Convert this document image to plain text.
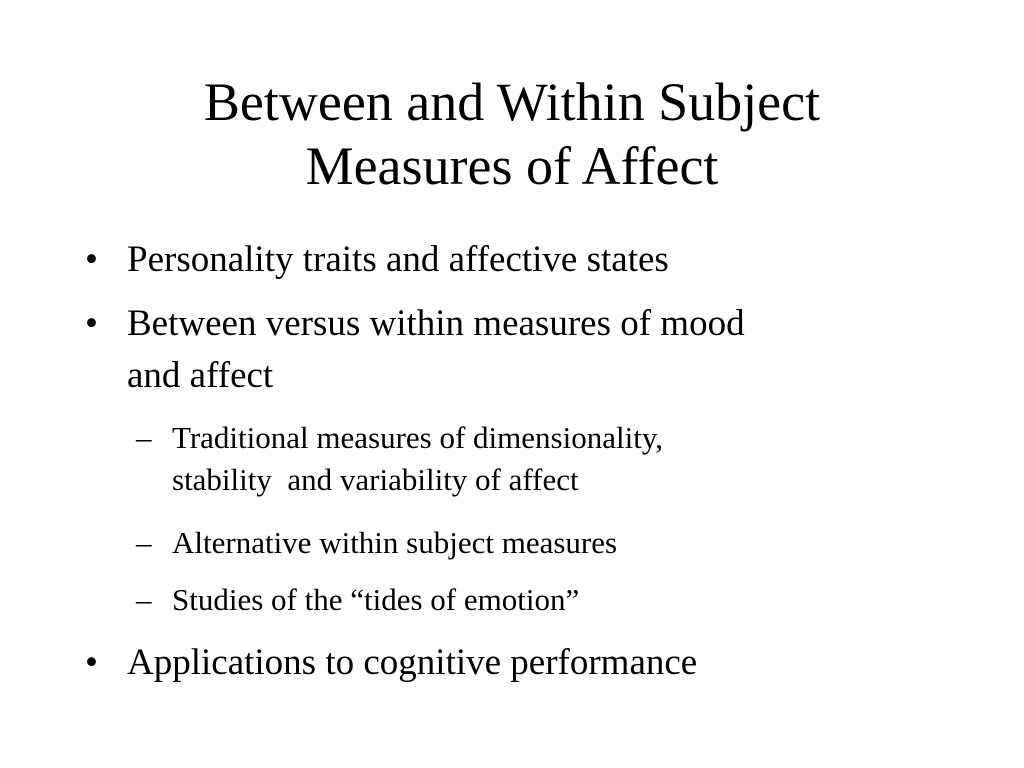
Between and Within Subject
Measures of Affect
• Personality traits and affective states
• Between versus within measures of mood
and affect
– Traditional measures of dimensionality,
stability  and variability of affect
– Alternative within subject measures
– Studies of the “tides of emotion”
• Applications to cognitive performance
